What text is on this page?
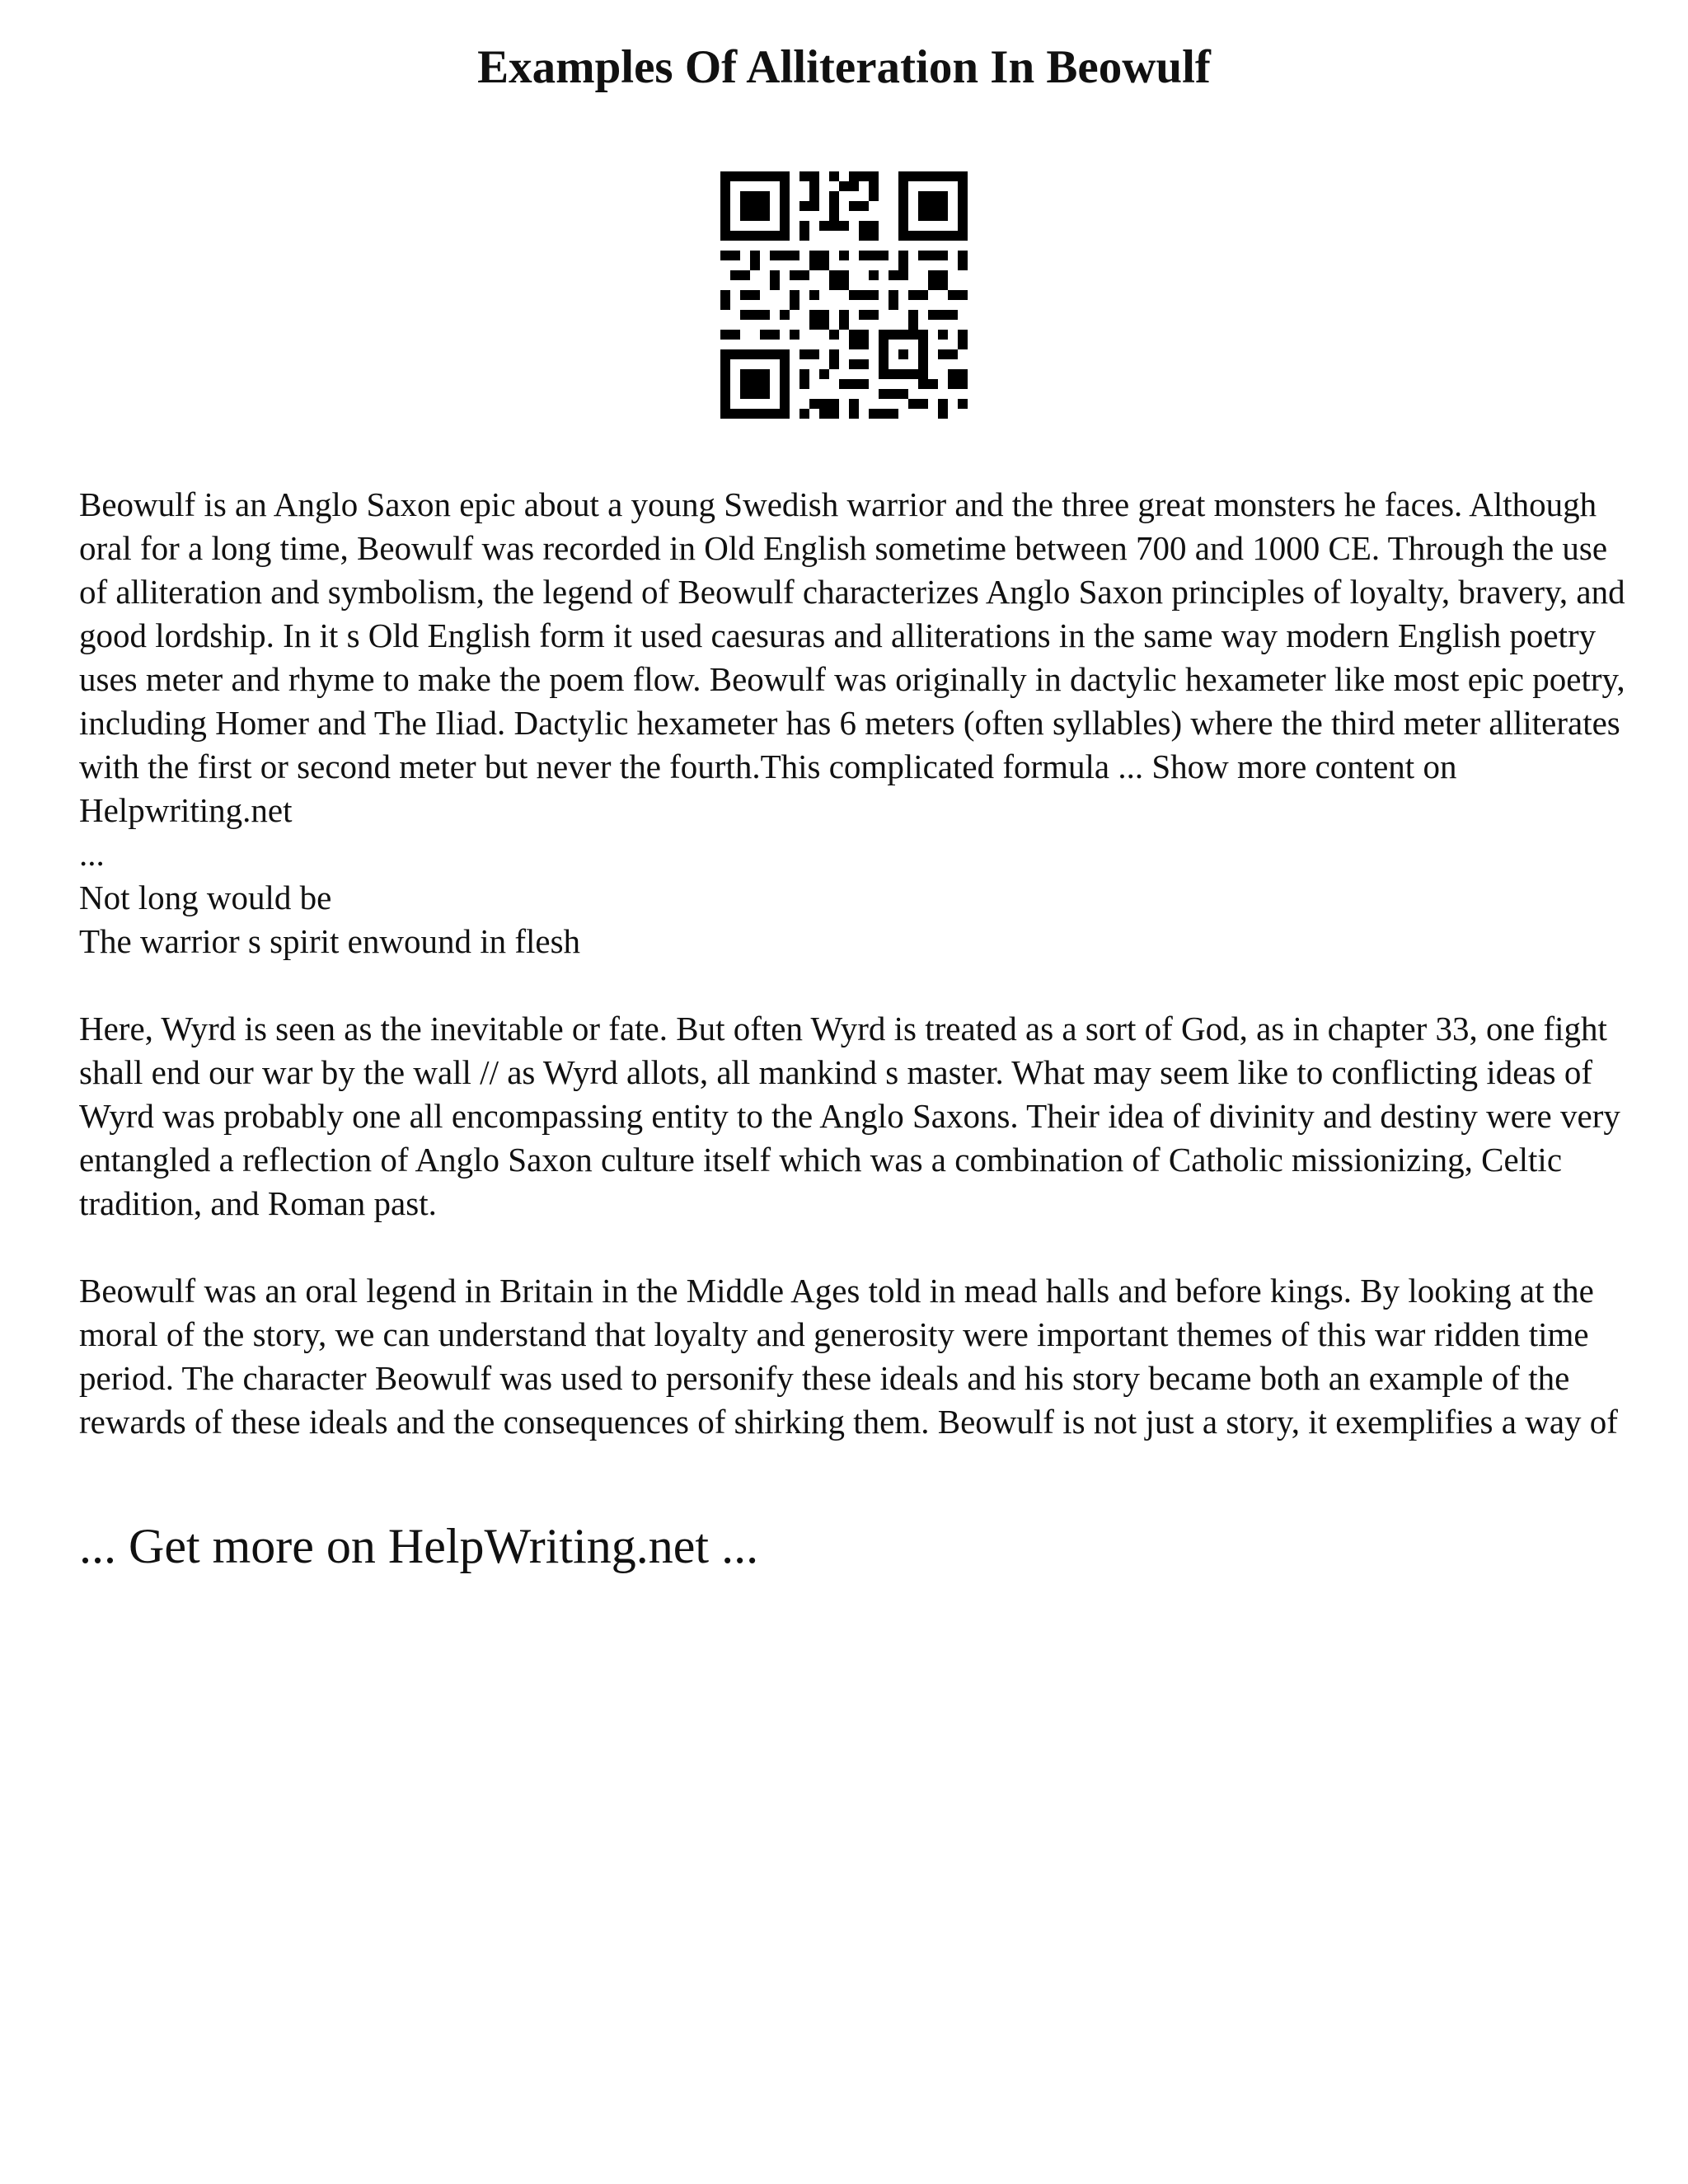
Examples Of Alliteration In Beowulf

Beowulf is an Anglo Saxon epic about a young Swedish warrior and the three great monsters he faces. Although oral for a long time, Beowulf was recorded in Old English sometime between 700 and 1000 CE. Through the use of alliteration and symbolism, the legend of Beowulf characterizes Anglo Saxon principles of loyalty, bravery, and good lordship. In it s Old English form it used caesuras and alliterations in the same way modern English poetry uses meter and rhyme to make the poem flow. Beowulf was originally in dactylic hexameter like most epic poetry, including Homer and The Iliad. Dactylic hexameter has 6 meters (often syllables) where the third meter alliterates with the first or second meter but never the fourth.This complicated formula ... Show more content on Helpwriting.net

...

Not long would be

The warrior s spirit enwound in flesh

Here, Wyrd is seen as the inevitable or fate. But often Wyrd is treated as a sort of God, as in chapter 33, one fight shall end our war by the wall // as Wyrd allots, all mankind s master. What may seem like to conflicting ideas of Wyrd was probably one all encompassing entity to the Anglo Saxons. Their idea of divinity and destiny were very entangled a reflection of Anglo Saxon culture itself which was a combination of Catholic missionizing, Celtic tradition, and Roman past.

Beowulf was an oral legend in Britain in the Middle Ages told in mead halls and before kings. By looking at the moral of the story, we can understand that loyalty and generosity were important themes of this war ridden time period. The character Beowulf was used to personify these ideals and his story became both an example of the rewards of these ideals and the consequences of shirking them. Beowulf is not just a story, it exemplifies a way of

... Get more on HelpWriting.net ...
